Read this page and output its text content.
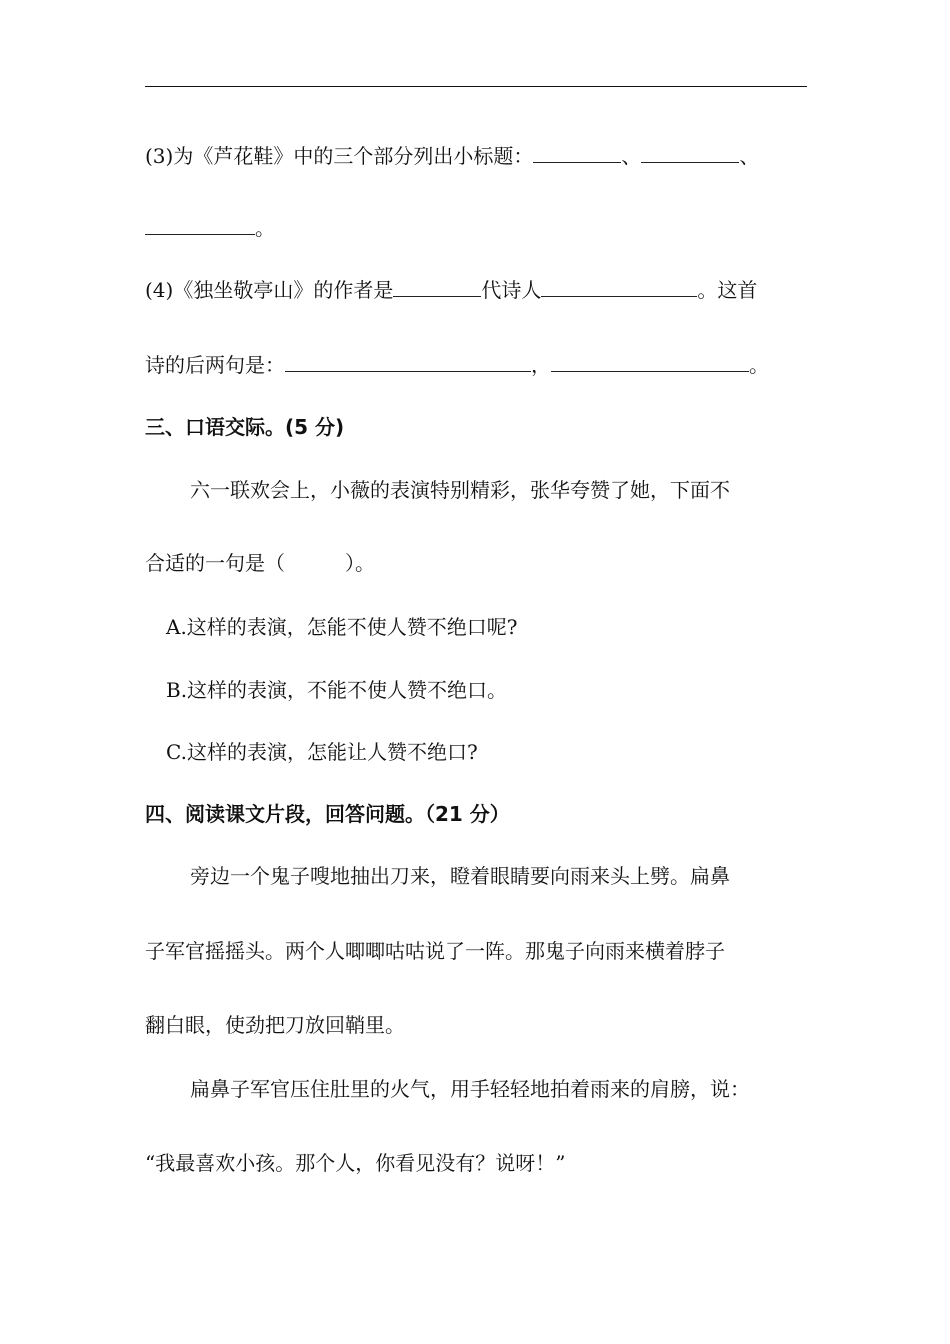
(3)为《芦花鞋》中的三个部分列出小标题：	、	、
。
(4)《独坐敬亭山》的作者是	代诗人	。这首
诗的后两句是：	，	。
三、口语交际。(5 分)
六一联欢会上，小薇的表演特别精彩，张华夸赞了她，下面不
合适的一句是（　　　）。
A.这样的表演，怎能不使人赞不绝口呢?
B.这样的表演，不能不使人赞不绝口。
C.这样的表演，怎能让人赞不绝口?
四、阅读课文片段，回答问题。（21 分）
旁边一个鬼子嗖地抽出刀来，瞪着眼睛要向雨来头上劈。扁鼻
子军官摇摇头。两个人唧唧咕咕说了一阵。那鬼子向雨来横着脖子
翻白眼，使劲把刀放回鞘里。
扁鼻子军官压住肚里的火气，用手轻轻地拍着雨来的肩膀，说：
“我最喜欢小孩。那个人，你看见没有？说呀！”
